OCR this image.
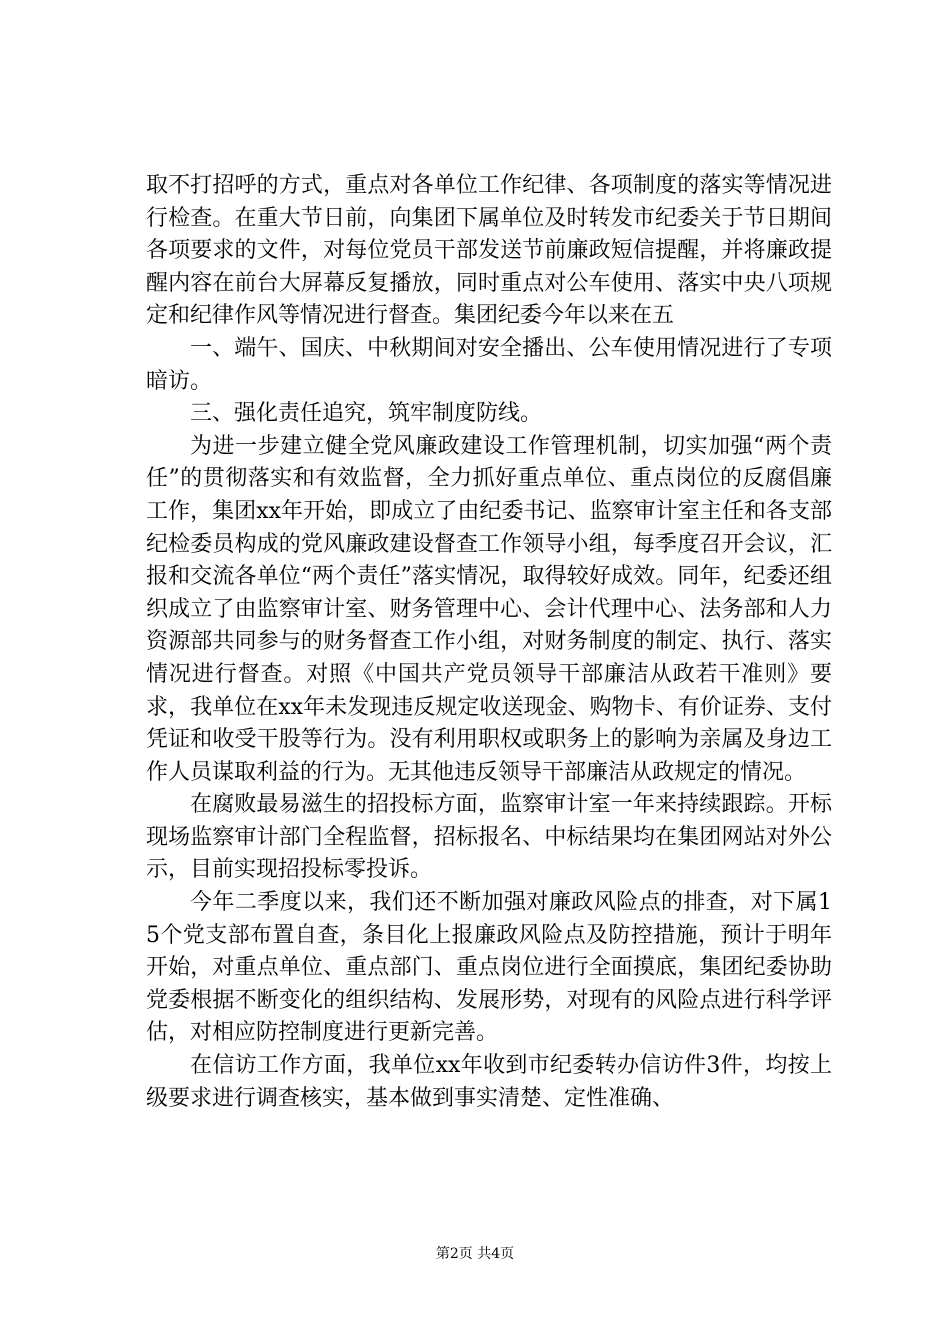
取不打招呼的方式，重点对各单位工作纪律、各项制度的落实等情况进行检查。在重大节日前，向集团下属单位及时转发市纪委关于节日期间各项要求的文件，对每位党员干部发送节前廉政短信提醒，并将廉政提醒内容在前台大屏幕反复播放，同时重点对公车使用、落实中央八项规定和纪律作风等情况进行督查。集团纪委今年以来在五

一、端午、国庆、中秋期间对安全播出、公车使用情况进行了专项暗访。

三、强化责任追究，筑牢制度防线。

为进一步建立健全党风廉政建设工作管理机制，切实加强“两个责任”的贯彻落实和有效监督，全力抓好重点单位、重点岗位的反腐倡廉工作，集团xx年开始，即成立了由纪委书记、监察审计室主任和各支部纪检委员构成的党风廉政建设督查工作领导小组，每季度召开会议，汇报和交流各单位“两个责任”落实情况，取得较好成效。同年，纪委还组织成立了由监察审计室、财务管理中心、会计代理中心、法务部和人力资源部共同参与的财务督查工作小组，对财务制度的制定、执行、落实情况进行督查。对照《中国共产党员领导干部廉洁从政若干准则》要求，我单位在xx年未发现违反规定收送现金、购物卡、有价证券、支付凭证和收受干股等行为。没有利用职权或职务上的影响为亲属及身边工作人员谋取利益的行为。无其他违反领导干部廉洁从政规定的情况。

在腐败最易滋生的招投标方面，监察审计室一年来持续跟踪。开标现场监察审计部门全程监督，招标报名、中标结果均在集团网站对外公示，目前实现招投标零投诉。

今年二季度以来，我们还不断加强对廉政风险点的排查，对下属15个党支部布置自查，条目化上报廉政风险点及防控措施，预计于明年开始，对重点单位、重点部门、重点岗位进行全面摸底，集团纪委协助党委根据不断变化的组织结构、发展形势，对现有的风险点进行科学评估，对相应防控制度进行更新完善。

在信访工作方面，我单位xx年收到市纪委转办信访件3件，均按上级要求进行调查核实，基本做到事实清楚、定性准确、

第2页 共4页
